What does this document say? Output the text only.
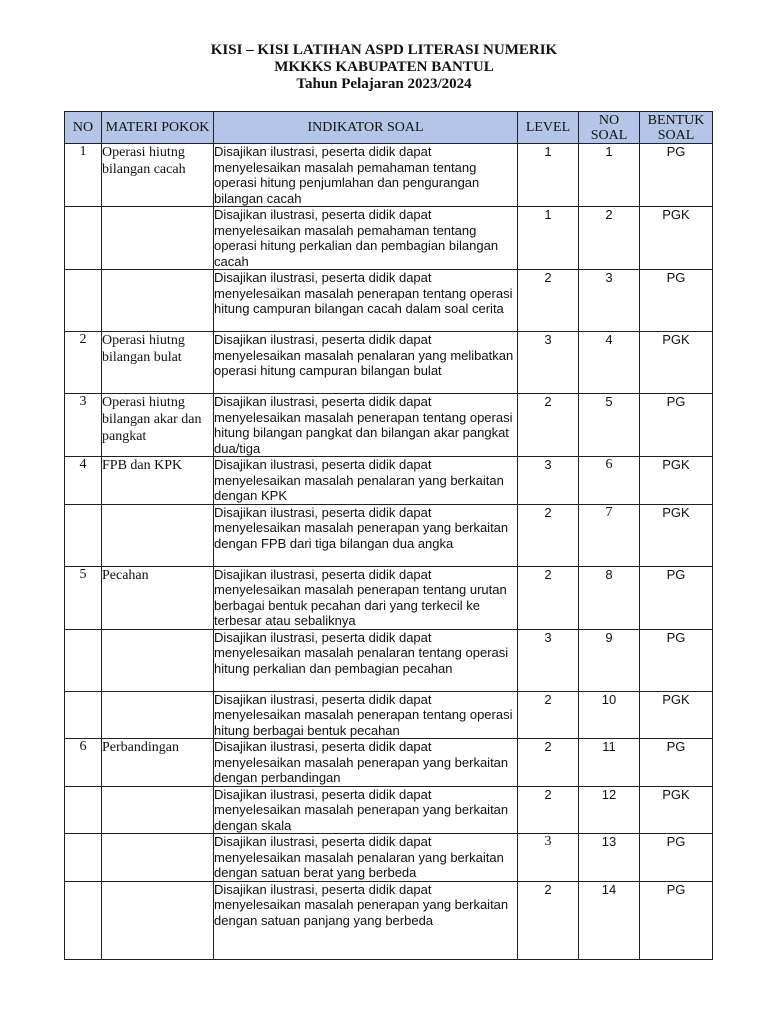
KISI – KISI LATIHAN ASPD LITERASI NUMERIK
MKKKS KABUPATEN BANTUL
Tahun Pelajaran 2023/2024
NO	MATERI POKOK	INDIKATOR SOAL	LEVEL	NO SOAL	BENTUK SOAL
1	Operasi hiutng bilangan cacah	Disajikan ilustrasi, peserta didik dapat menyelesaikan masalah pemahaman tentang operasi hitung penjumlahan dan pengurangan bilangan cacah	1	1	PG
		Disajikan ilustrasi, peserta didik dapat menyelesaikan masalah pemahaman tentang operasi hitung perkalian dan pembagian bilangan cacah	1	2	PGK
		Disajikan ilustrasi, peserta didik dapat menyelesaikan masalah penerapan tentang operasi hitung campuran bilangan cacah dalam soal cerita	2	3	PG
2	Operasi hiutng bilangan bulat	Disajikan ilustrasi, peserta didik dapat menyelesaikan masalah penalaran yang melibatkan operasi hitung campuran bilangan bulat	3	4	PGK
3	Operasi hiutng bilangan akar dan pangkat	Disajikan ilustrasi, peserta didik dapat menyelesaikan masalah penerapan tentang operasi hitung bilangan pangkat dan bilangan akar pangkat dua/tiga	2	5	PG
4	FPB dan KPK	Disajikan ilustrasi, peserta didik dapat menyelesaikan masalah penalaran yang berkaitan dengan KPK	3	6	PGK
		Disajikan ilustrasi, peserta didik dapat menyelesaikan masalah penerapan yang berkaitan dengan FPB dari tiga bilangan dua angka	2	7	PGK
5	Pecahan	Disajikan ilustrasi, peserta didik dapat menyelesaikan masalah penerapan tentang urutan berbagai bentuk pecahan dari yang terkecil ke terbesar atau sebaliknya	2	8	PG
		Disajikan ilustrasi, peserta didik dapat menyelesaikan masalah penalaran tentang operasi hitung perkalian dan pembagian pecahan	3	9	PG
		Disajikan ilustrasi, peserta didik dapat menyelesaikan masalah penerapan tentang operasi hitung berbagai bentuk pecahan	2	10	PGK
6	Perbandingan	Disajikan ilustrasi, peserta didik dapat menyelesaikan masalah penerapan yang berkaitan dengan perbandingan	2	11	PG
		Disajikan ilustrasi, peserta didik dapat menyelesaikan masalah penerapan yang berkaitan dengan skala	2	12	PGK
		Disajikan ilustrasi, peserta didik dapat menyelesaikan masalah penalaran yang berkaitan dengan satuan berat yang berbeda	3	13	PG
		Disajikan ilustrasi, peserta didik dapat menyelesaikan masalah penerapan yang berkaitan dengan satuan panjang yang berbeda	2	14	PG
